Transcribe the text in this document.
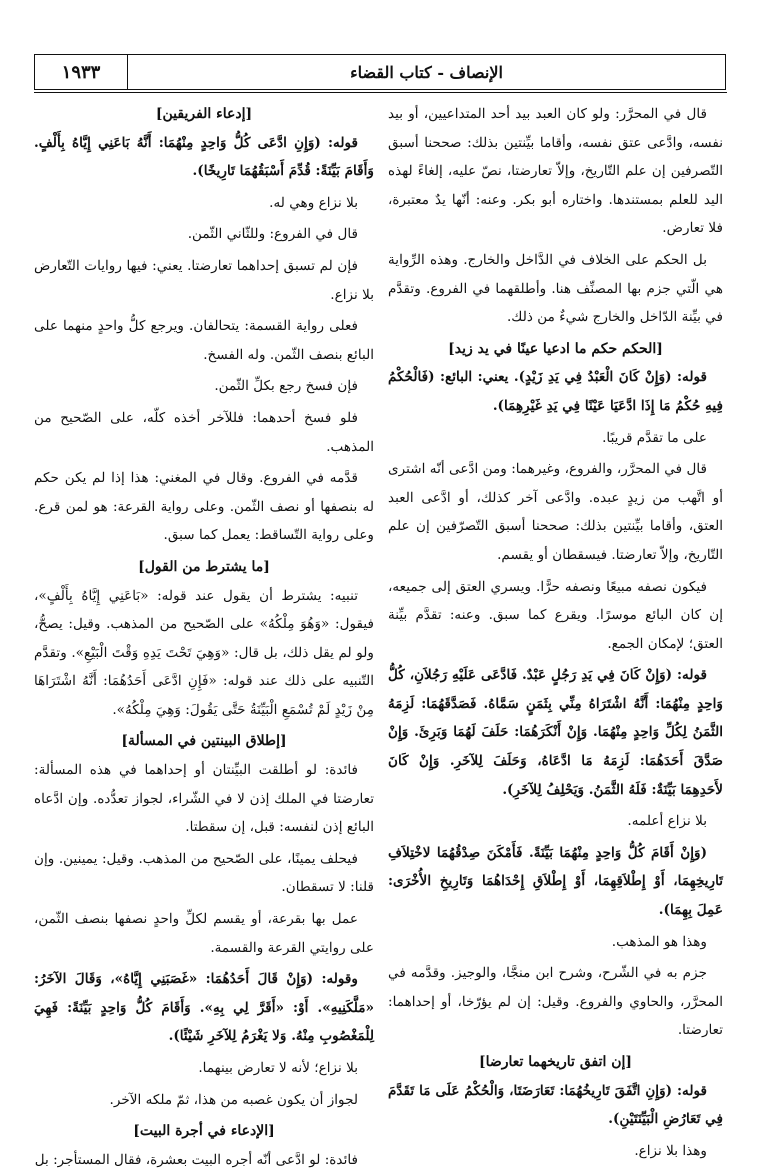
الإنصاف - كتاب القضاء
١٩٣٣

قال في المحرَّر: ولو كان العبد بيد أحد المتداعيين، أو بيد نفسه، وادَّعى عتق نفسه، وأقاما بيِّنتين بذلك: صححنا أسبق التّصرفين إن علم التّاريخ، وإلاّ تعارضتا، نصّ عليه، إلغاءً لهذه اليد للعلم بمستندها. واختاره أبو بكر. وعنه: أنّها يدٌ معتبرة، فلا تعارض.

بل الحكم على الخلاف في الدَّاخل والخارج. وهذه الرِّواية هي الّتي جزم بها المصنِّف هنا. وأطلقهما في الفروع. وتقدَّم في بيِّنة الدّاخل والخارج شيءٌ من ذلك.

[الحكم حكم ما ادعيا عينًا في يد زيد]

قوله: (وَإِنْ كَانَ الْعَبْدُ فِي يَدِ زَيْدٍ). يعني: البائع: (فَالْحُكْمُ فِيهِ حُكْمُ مَا إِذَا ادَّعَيَا عَيْنًا فِي يَدِ غَيْرِهِمَا).

على ما تقدَّم قريبًا.

قال في المحرَّر، والفروع، وغيرهما: ومن ادَّعى أنّه اشترى أو اتَّهب من زيدٍ عبده. وادَّعى آخر كذلك، أو ادَّعى العبد العتق، وأقاما بيِّنتين بذلك: صححنا أسبق التّصرّفين إن علم التّاريخ، وإلاّ تعارضتا. فيسقطان أو يقسم.

فيكون نصفه مبيعًا ونصفه حرًّا. ويسري العتق إلى جميعه، إن كان البائع موسرًا. ويقرع كما سبق. وعنه: تقدَّم بيِّنة العتق؛ لإمكان الجمع.

قوله: (وَإِنْ كَانَ فِي يَدِ رَجُلٍ عَبْدٌ. فَادَّعَى عَلَيْهِ رَجُلاَنِ، كُلُّ وَاحِدٍ مِنْهُمَا: أَنَّهُ اشْتَرَاهُ مِنِّي بِثَمَنٍ سَمَّاهُ. فَصَدَّقَهُمَا: لَزِمَهُ الثَّمَنُ لِكُلِّ وَاحِدٍ مِنْهُمَا. وَإِنْ أَنْكَرَهُمَا: حَلَفَ لَهُمَا وَبَرِئَ. وَإِنْ صَدَّقَ أَحَدَهُمَا: لَزِمَهُ مَا ادَّعَاهُ، وَحَلَفَ لِلآخَرِ. وَإِنْ كَانَ لأَحَدِهِمَا بَيِّنَةٌ: فَلَهُ الثَّمَنُ. وَيَحْلِفُ لِلآخَرِ).

بلا نزاع أعلمه.

(وَإِنْ أَقَامَ كُلُّ وَاحِدٍ مِنْهُمَا بَيِّنَةً. فَأَمْكَنَ صِدْقُهُمَا لاخْتِلاَفِ تَارِيخِهِمَا، أَوْ إِطْلاَقِهِمَا، أَوْ إِطْلاَقِ إِحْدَاهُمَا وَتَارِيخِ الأُخْرَى: عَمِلَ بِهِمَا).

وهذا هو المذهب.

جزم به في الشّرح، وشرح ابن منجَّا، والوجيز. وقدَّمه في المحرَّر، والحاوي والفروع. وقيل: إن لم يؤرّخا، أو إحداهما: تعارضتا.

[إن اتفق تاريخهما تعارضا]

قوله: (وَإِنِ اتَّفَقَ تَارِيخُهُمَا: تَعَارَضَتَا، وَالْحُكْمُ عَلَى مَا تَقَدَّمَ فِي تَعَارُضِ الْبَيِّنَتَيْنِ).

وهذا بلا نزاع.

[إدعاء الفريقين]

قوله: (وَإِنِ ادَّعَى كُلُّ وَاحِدٍ مِنْهُمَا: أَنَّهُ بَاعَنِي إِيَّاهُ بِأَلْفٍ. وَأَقَامَ بَيِّنَةً: قُدِّمَ أَسْبَقُهُمَا تَارِيخًا).

بلا نزاع وهي له.

قال في الفروع: وللثّاني الثّمن.

فإن لم تسبق إحداهما تعارضتا. يعني: فيها روايات التّعارض بلا نزاع.

فعلى رواية القسمة: يتحالفان. ويرجع كلُّ واحدٍ منهما على البائع بنصف الثّمن. وله الفسخ.

فإن فسخ رجع بكلِّ الثّمن.

فلو فسخ أحدهما: فللآخر أخذه كلّه، على الصّحيح من المذهب.

قدَّمه في الفروع. وقال في المغني: هذا إذا لم يكن حكم له بنصفها أو نصف الثّمن. وعلى رواية القرعة: هو لمن قرع. وعلى رواية التّساقط: يعمل كما سبق.

[ما يشترط من القول]

تنبيه: يشترط أن يقول عند قوله: «بَاعَنِي إِيَّاهُ بِأَلْفٍ»، فيقول: «وَهُوَ مِلْكُهُ» على الصّحيح من المذهب. وقيل: يصحُّ، ولو لم يقل ذلك، بل قال: «وَهِيَ تَحْتَ يَدِهِ وَقْتَ الْبَيْعِ». وتقدَّم التّنبيه على ذلك عند قوله: «فَإِنِ ادَّعَى أَحَدُهُمَا: أَنَّهُ اشْتَرَاهَا مِنْ زَيْدٍ لَمْ تُسْمَعِ الْبَيِّنَةُ حَتَّى يَقُولَ: وَهِيَ مِلْكُهُ».

[إطلاق البينتين في المسألة]

فائدة: لو أطلقت البيِّنتان أو إحداهما في هذه المسألة: تعارضتا في الملك إذن لا في الشّراء، لجواز تعدُّده. وإن ادَّعاه البائع إذن لنفسه: قبل، إن سقطتا.

فيحلف يمينًا، على الصّحيح من المذهب. وقيل: يمينين. وإن قلنا: لا تسقطان.

عمل بها بقرعة، أو يقسم لكلِّ واحدٍ نصفها بنصف الثّمن، على روايتي القرعة والقسمة.

وقوله: (وَإِنْ قَالَ أَحَدُهُمَا: «غَصَبَنِي إِيَّاهُ»، وَقَالَ الآخَرُ: «مَلَّكَنِيهِ». أَوْ: «أَقَرَّ لِي بِهِ». وَأَقَامَ كُلُّ وَاحِدٍ بَيِّنَةً: فَهِيَ لِلْمَغْصُوبِ مِنْهُ. وَلا يَغْرَمُ لِلآخَرِ شَيْئًا).

بلا نزاع؛ لأنه لا تعارض بينهما.

لجواز أن يكون غصبه من هذا، ثمّ ملكه الآخر.

[الإدعاء في أجرة البيت]

فائدة: لو ادَّعى أنّه أجره البيت بعشرة، فقال المستأجر: بل
